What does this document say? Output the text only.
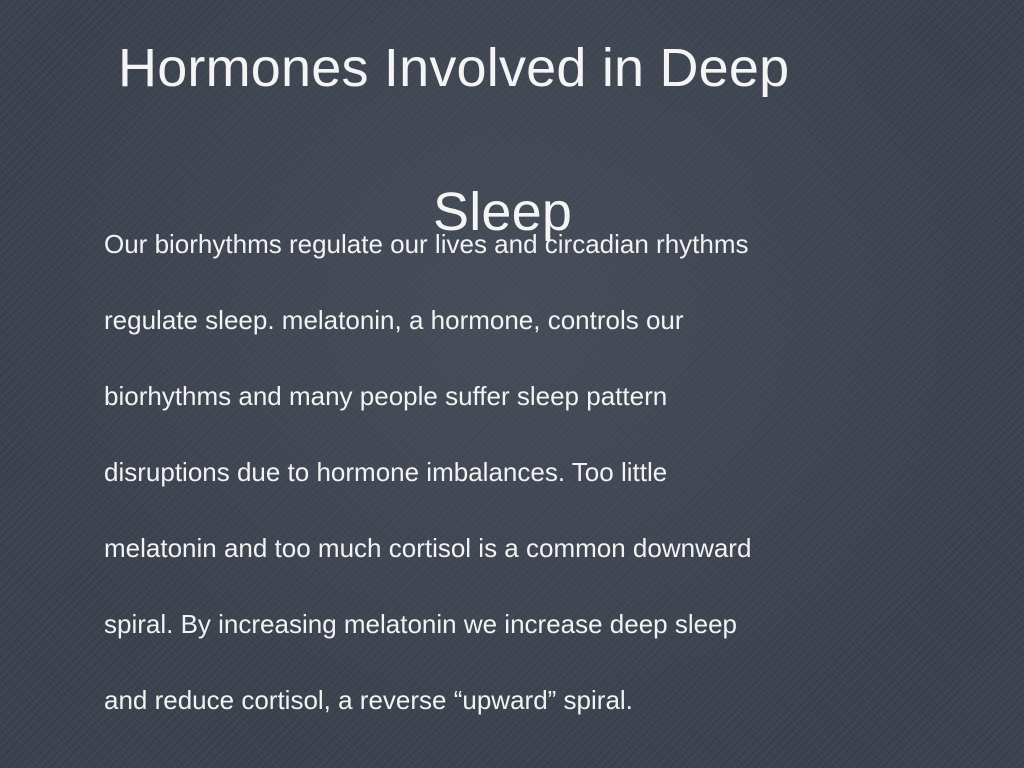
Our biorhythms regulate our lives and circadian rhythms
regulate sleep. melatonin, a hormone, controls our
biorhythms and many people suffer sleep pattern
disruptions due to hormone imbalances. Too little
melatonin and too much cortisol is a common downward
spiral. By increasing melatonin we increase deep sleep
and reduce cortisol, a reverse “upward” spiral.
Hormones Involved in Deep
Sleep
